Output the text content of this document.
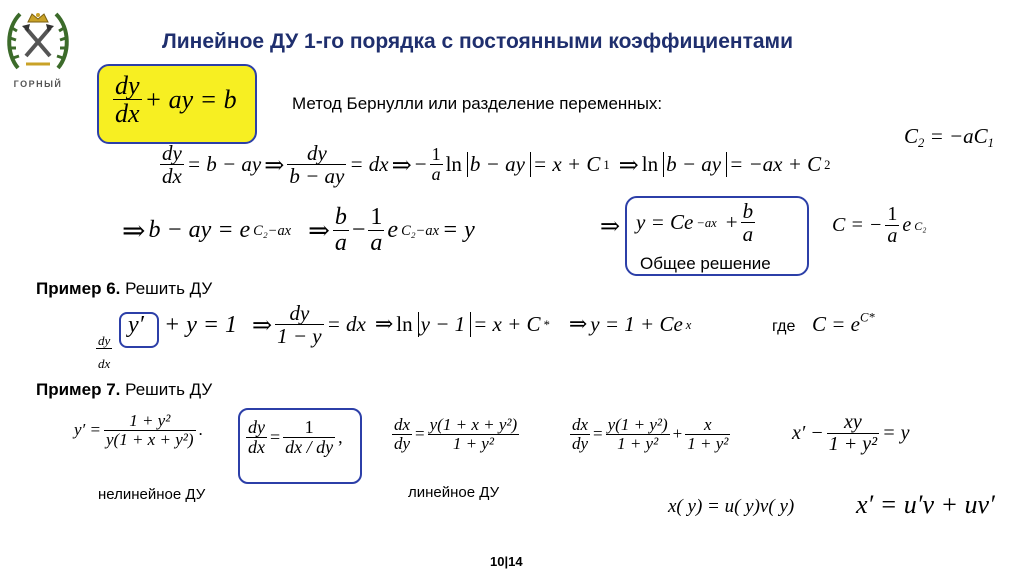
ГОРНЫЙ
Линейное ДУ 1-го порядка с постоянными коэффициентами
$\frac{dy}{dx}$ + ay = b	Метод Бернулли или разделение переменных:
$C_2 = -aC_1$
$\frac{dy}{dx} = b$ − ay ⇒ $\frac{dy}{b - ay}$ = dx ⇒ − $\frac{1}{a}$ ln b − ay = x + C 1 ⇒ ln b − ay = −ax + C 2
⇒ b − ay = e C₂−ax ⇒ $\frac{b}{a} - \frac{1}{a}$ e C₂−ax = y	⇒ $y = Ce -ax + \frac{b}{a}$
Общее решение
C = − $\frac{1}{a}$ e C₂
Пример 6. Решить ДУ
y′ + y = 1
$\frac{dy}{dx}$
⇒ $\frac{dy}{1 - y}$ = dx ⇒ ln y − 1 = x + C * ⇒ y = 1 + Ce x	где $C = e^{C*}$
Пример 7. Решить ДУ
$y' = \frac{\text{1 + y²}}{\text{y(1 + x + y²)}}$ . $\frac{dy}{dx} = \frac{1}{dx / dy}$ ,	$\frac{dx}{dy} = \frac{\text{y(1 + x + y²)}}{\text{1 + y²}}$	$\frac{dx}{dy} = \frac{\text{y(1 + y²)}}{\text{1 + y²}} + \frac{x}{\text{1 + y²}}$	$x' - \frac{xy}{\text{1 + y²}} = y$
нелинейное ДУ	линейное ДУ
x( y) = u( y)v( y) x′ = u′v + uv′
10|14
